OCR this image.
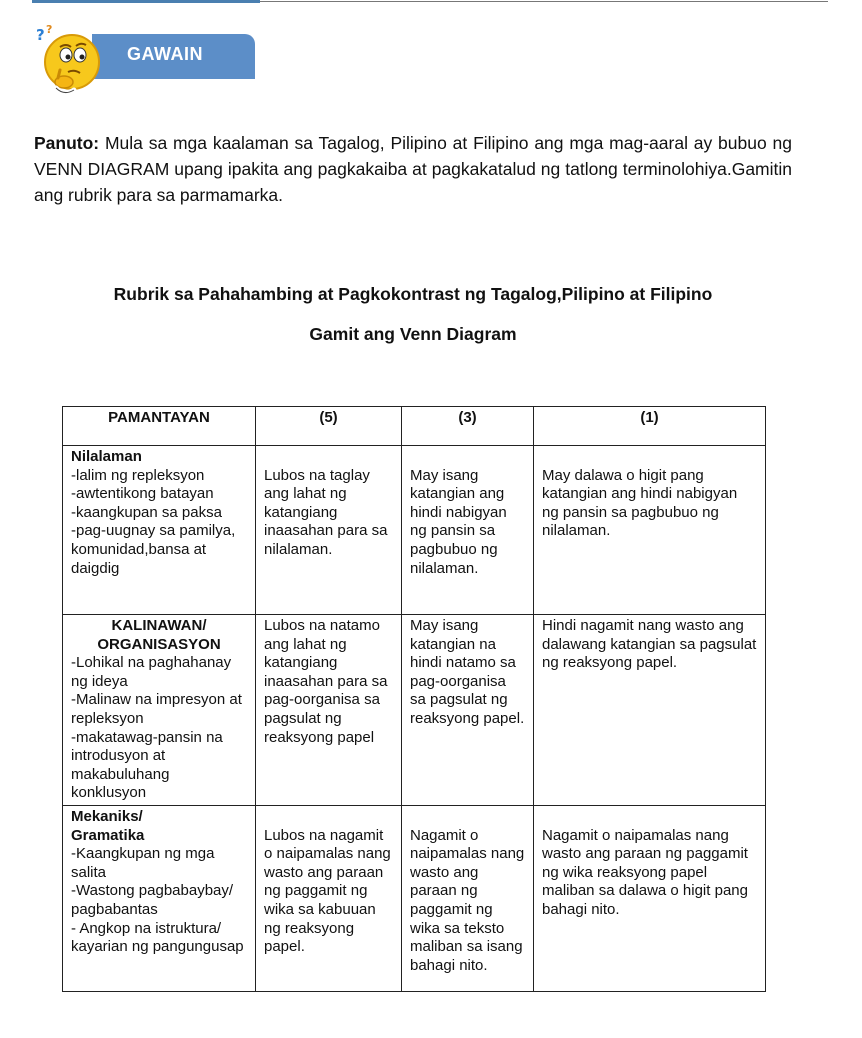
GAWAIN
? ?
Panuto: Mula sa mga kaalaman sa Tagalog, Pilipino at Filipino ang mga mag-aaral ay bubuo ng VENN DIAGRAM upang ipakita ang pagkakaiba at pagkakatalud ng tatlong terminolohiya.Gamitin ang rubrik para sa parmamarka.
Rubrik sa Pahahambing at Pagkokontrast ng Tagalog,Pilipino at Filipino
Gamit ang Venn Diagram
PAMANTAYAN	(5)	(3)	(1)

Nilalaman
-lalim ng repleksyon
-awtentikong batayan
-kaangkupan sa paksa
-pag-uugnay sa pamilya, komunidad,bansa at daigdig	Lubos na taglay ang lahat ng katangiang inaasahan para sa nilalaman.	May isang katangian ang hindi nabigyan ng pansin sa pagbubuo ng nilalaman.	May dalawa o higit pang katangian ang hindi nabigyan ng pansin sa pagbubuo ng nilalaman.

KALINAWAN/
ORGANISASYON
-Lohikal na paghahanay ng ideya
-Malinaw na impresyon at repleksyon
-makatawag-pansin na introdusyon at makabuluhang konklusyon	Lubos na natamo ang lahat ng katangiang inaasahan para sa pag-oorganisa sa pagsulat ng reaksyong papel	May isang katangian na hindi natamo sa pag-oorganisa sa pagsulat ng reaksyong papel.	Hindi nagamit nang wasto ang dalawang katangian sa pagsulat ng reaksyong papel.

Mekaniks/
Gramatika
-Kaangkupan ng mga salita
-Wastong pagbabaybay/ pagbabantas
- Angkop na istruktura/ kayarian ng pangungusap	Lubos na nagamit o naipamalas nang wasto ang paraan ng paggamit ng wika sa kabuuan ng reaksyong papel.	Nagamit o naipamalas nang wasto ang paraan ng paggamit ng wika sa teksto maliban sa isang bahagi nito.	Nagamit o naipamalas nang wasto ang paraan ng paggamit ng wika reaksyong papel maliban sa dalawa o higit pang bahagi nito.
